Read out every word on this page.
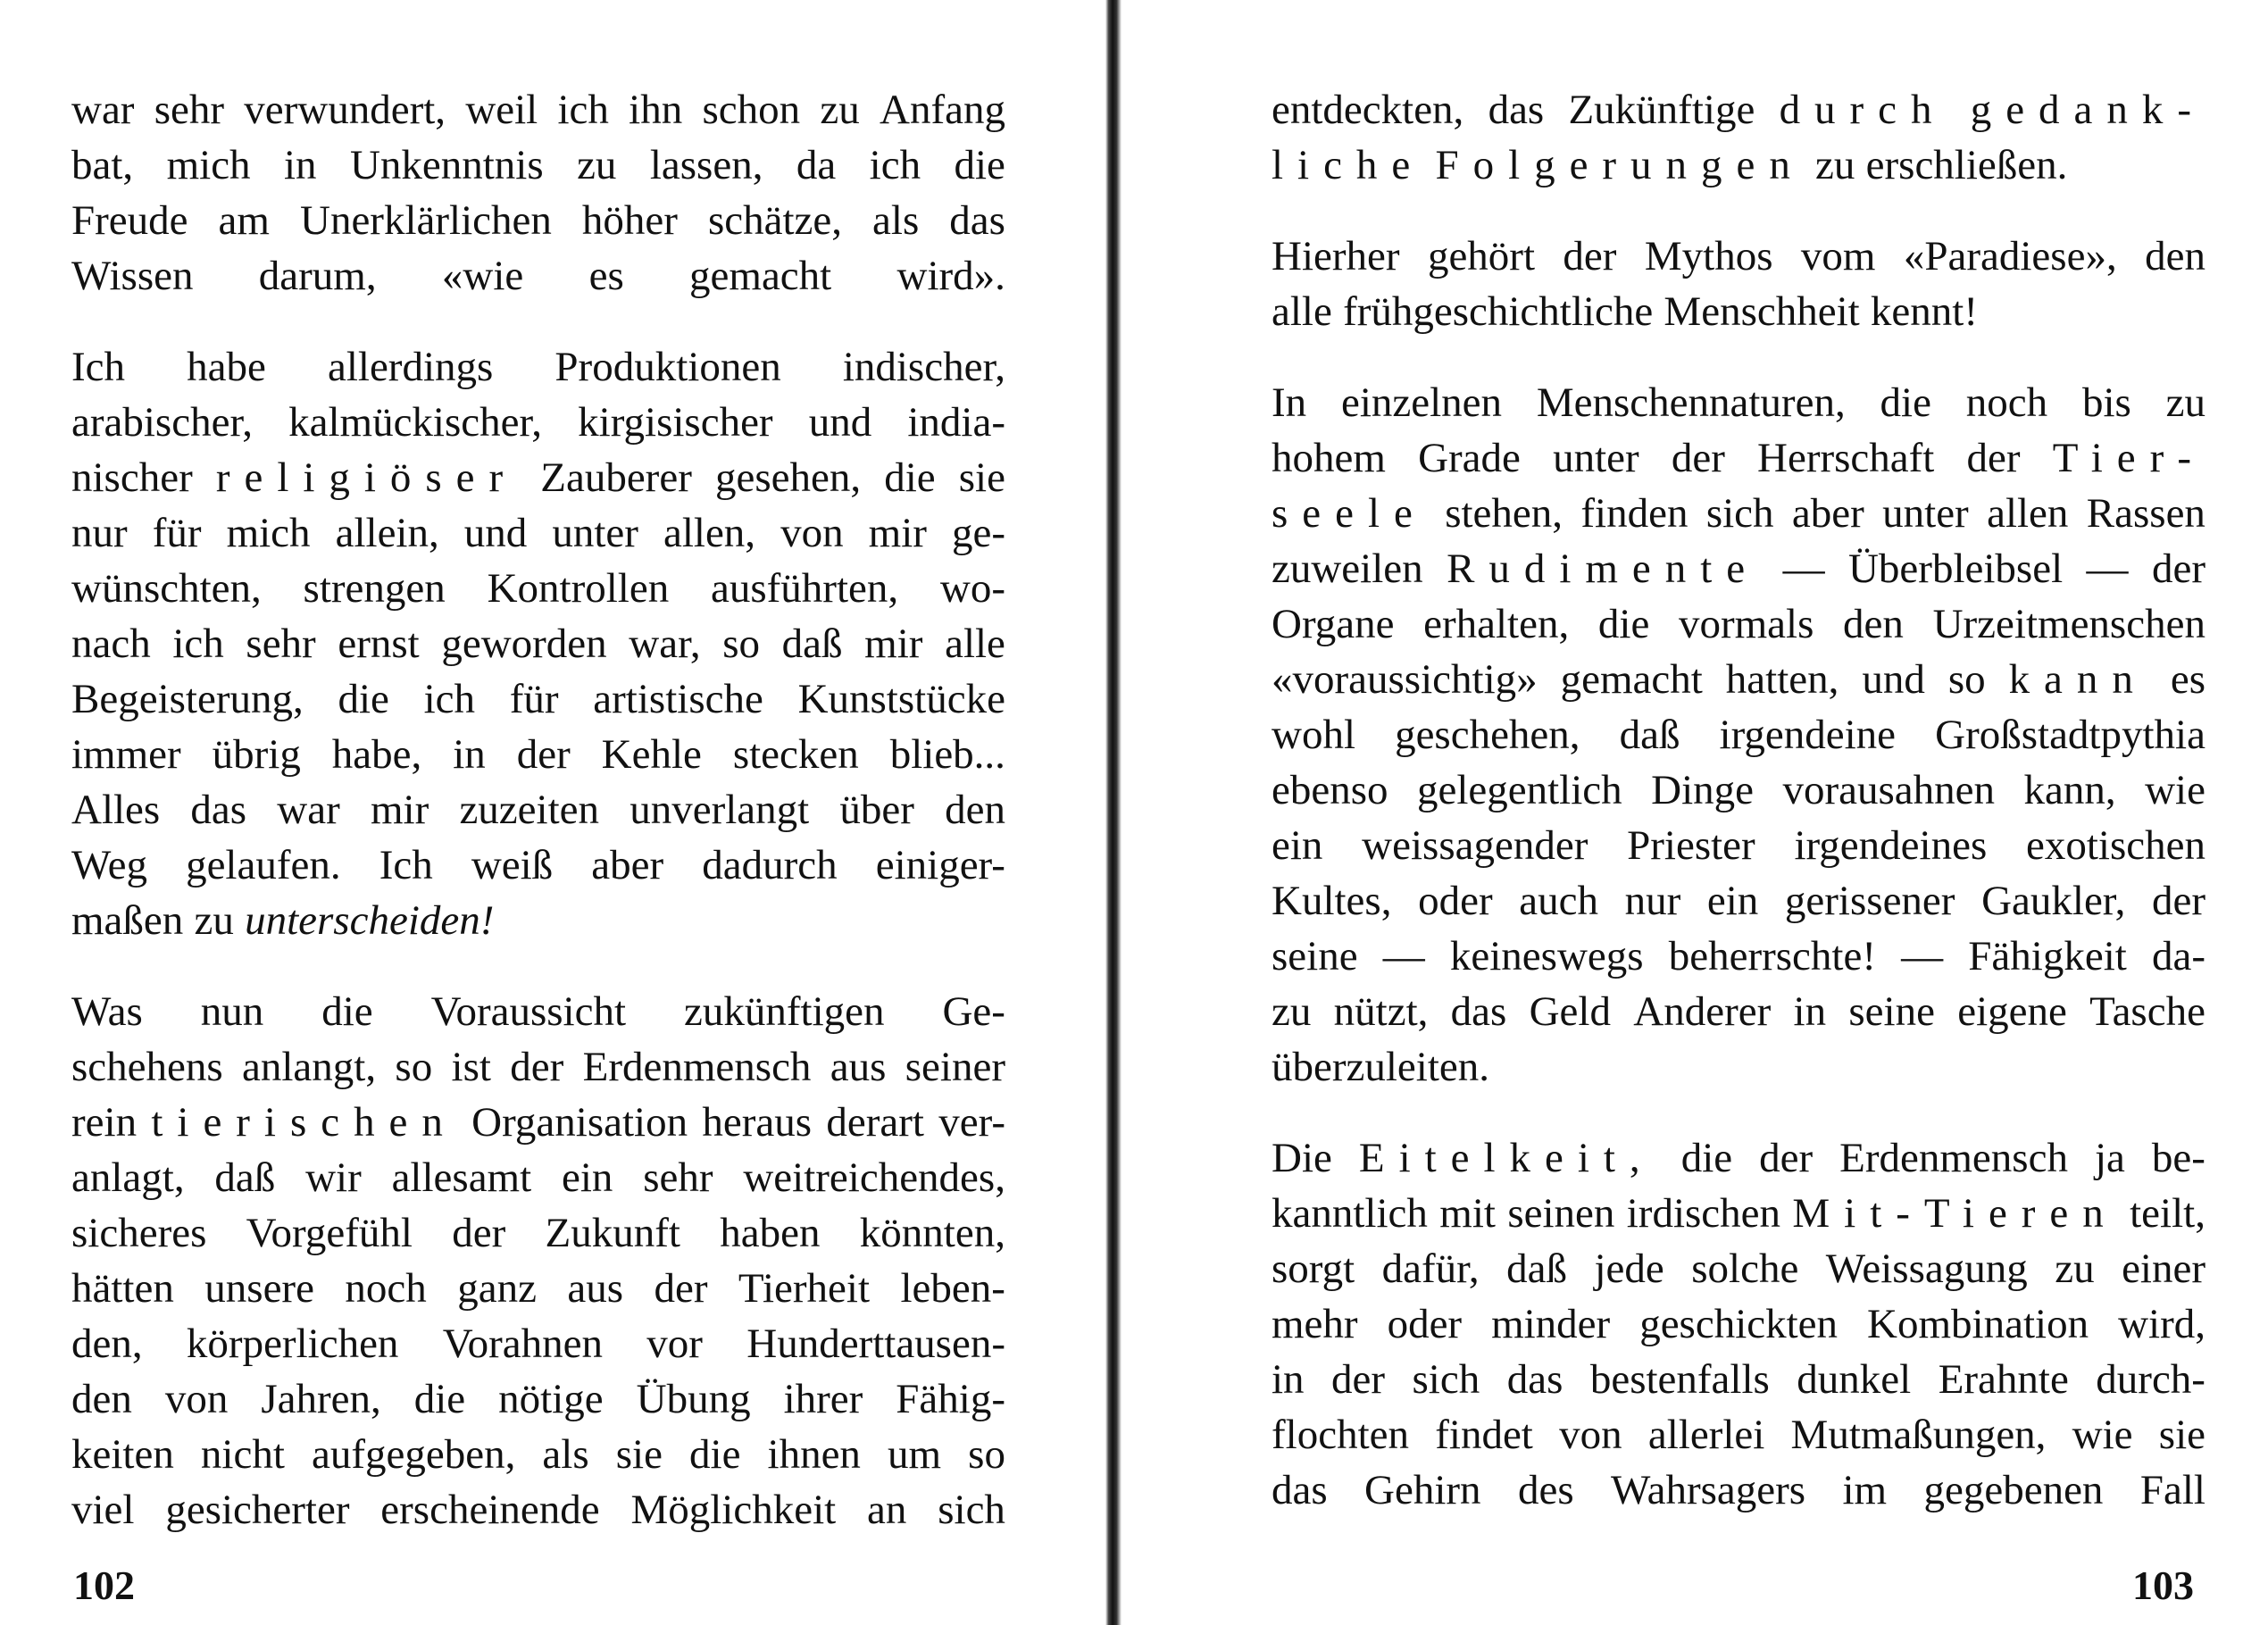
war sehr verwundert, weil ich ihn schon zu Anfang
bat, mich in Unkenntnis zu lassen, da ich die
Freude am Unerklärlichen höher schätze, als das
Wissen darum, «wie es gemacht wird».
Ich habe allerdings Produktionen indischer,
arabischer, kalmückischer, kirgisischer und india-
nischer religiöser Zauberer gesehen, die sie
nur für mich allein, und unter allen, von mir ge-
wünschten, strengen Kontrollen ausführten, wo-
nach ich sehr ernst geworden war, so daß mir alle
Begeisterung, die ich für artistische Kunststücke
immer übrig habe, in der Kehle stecken blieb...
Alles das war mir zuzeiten unverlangt über den
Weg gelaufen. Ich weiß aber dadurch einiger-
maßen zu unterscheiden!
Was nun die Voraussicht zukünftigen Ge-
schehens anlangt, so ist der Erdenmensch aus seiner
rein tierischen Organisation heraus derart ver-
anlagt, daß wir allesamt ein sehr weitreichendes,
sicheres Vorgefühl der Zukunft haben könnten,
hätten unsere noch ganz aus der Tierheit leben-
den, körperlichen Vorahnen vor Hunderttausen-
den von Jahren, die nötige Übung ihrer Fähig-
keiten nicht aufgegeben, als sie die ihnen um so
viel gesicherter erscheinende Möglichkeit an sich
102
entdeckten, das Zukünftige durch gedank-
liche Folgerungen zu erschließen.
Hierher gehört der Mythos vom «Paradiese», den
alle frühgeschichtliche Menschheit kennt!
In einzelnen Menschennaturen, die noch bis zu
hohem Grade unter der Herrschaft der Tier-
seele stehen, finden sich aber unter allen Rassen
zuweilen Rudimente — Überbleibsel — der
Organe erhalten, die vormals den Urzeitmenschen
«voraussichtig» gemacht hatten, und so kann es
wohl geschehen, daß irgendeine Großstadtpythia
ebenso gelegentlich Dinge vorausahnen kann, wie
ein weissagender Priester irgendeines exotischen
Kultes, oder auch nur ein gerissener Gaukler, der
seine — keineswegs beherrschte! — Fähigkeit da-
zu nützt, das Geld Anderer in seine eigene Tasche
überzuleiten.
Die Eitelkeit, die der Erdenmensch ja be-
kanntlich mit seinen irdischen Mit-Tieren teilt,
sorgt dafür, daß jede solche Weissagung zu einer
mehr oder minder geschickten Kombination wird,
in der sich das bestenfalls dunkel Erahnte durch-
flochten findet von allerlei Mutmaßungen, wie sie
das Gehirn des Wahrsagers im gegebenen Fall
103
